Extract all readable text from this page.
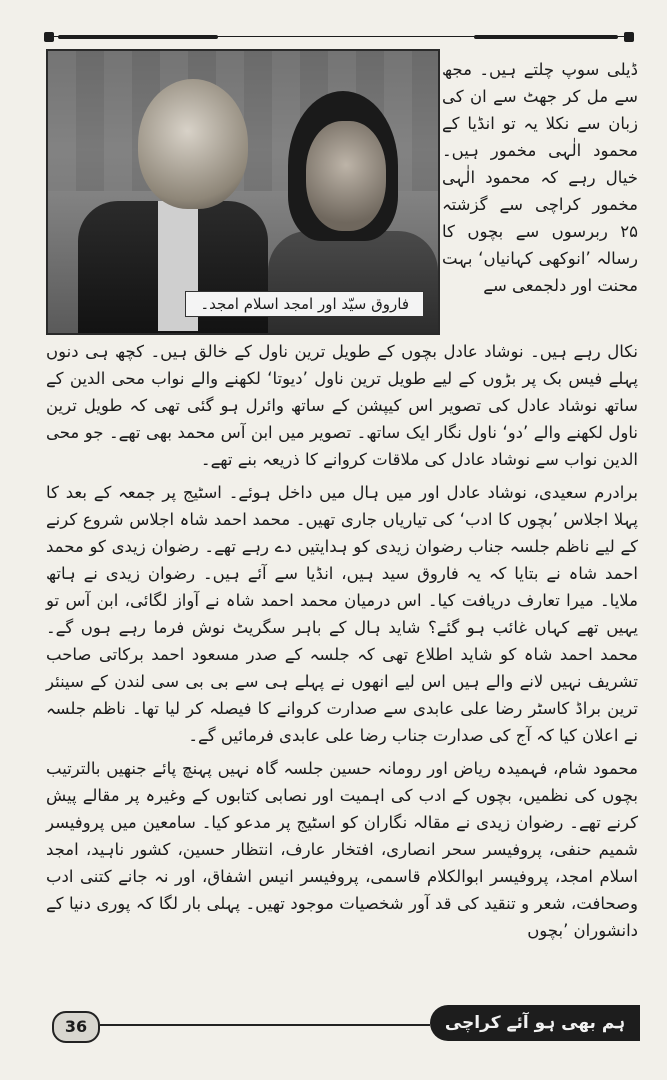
فاروق سیّد اور امجد اسلام امجد۔

ڈیلی سوپ چلتے ہیں۔ مجھ سے مل کر جھٹ سے ان کی زبان سے نکلا یہ تو انڈیا کے محمود الٰہی مخمور ہیں۔ خیال رہے کہ محمود الٰہی مخمور کراچی سے گزشتہ ۲۵ ربرسوں سے بچوں کا رسالہ ’انوکھی کہانیاں‘ بہت محنت اور دلجمعی سے

نکال رہے ہیں۔ نوشاد عادل بچوں کے طویل ترین ناول کے خالق ہیں۔ کچھ ہی دنوں پہلے فیس بک پر بڑوں کے لیے طویل ترین ناول ’دیوتا‘ لکھنے والے نواب محی الدین کے ساتھ نوشاد عادل کی تصویر اس کیپشن کے ساتھ وائرل ہو گئی تھی کہ طویل ترین ناول لکھنے والے ’دو‘ ناول نگار ایک ساتھ۔ تصویر میں ابن آس محمد بھی تھے۔ جو محی الدین نواب سے نوشاد عادل کی ملاقات کروانے کا ذریعہ بنے تھے۔

برادرم سعیدی، نوشاد عادل اور میں ہال میں داخل ہوئے۔ اسٹیج پر جمعہ کے بعد کا پہلا اجلاس ’بچوں کا ادب‘ کی تیاریاں جاری تھیں۔ محمد احمد شاہ اجلاس شروع کرنے کے لیے ناظم جلسہ جناب رضوان زیدی کو ہدایتیں دے رہے تھے۔ رضوان زیدی کو محمد احمد شاہ نے بتایا کہ یہ فاروق سید ہیں، انڈیا سے آئے ہیں۔ رضوان زیدی نے ہاتھ ملایا۔ میرا تعارف دریافت کیا۔ اس درمیان محمد احمد شاہ نے آواز لگائی، ابن آس تو یہیں تھے کہاں غائب ہو گئے؟ شاید ہال کے باہر سگریٹ نوش فرما رہے ہوں گے۔ محمد احمد شاہ کو شاید اطلاع تھی کہ جلسہ کے صدر مسعود احمد برکاتی صاحب تشریف نہیں لانے والے ہیں اس لیے انھوں نے پہلے ہی سے بی بی سی لندن کے سینئر ترین براڈ کاسٹر رضا علی عابدی سے صدارت کروانے کا فیصلہ کر لیا تھا۔ ناظم جلسہ نے اعلان کیا کہ آج کی صدارت جناب رضا علی عابدی فرمائیں گے۔

محمود شام، فہمیدہ ریاض اور رومانہ حسین جلسہ گاہ نہیں پہنچ پائے جنھیں بالترتیب بچوں کی نظمیں، بچوں کے ادب کی اہمیت اور نصابی کتابوں کے وغیرہ پر مقالے پیش کرنے تھے۔ رضوان زیدی نے مقالہ نگاران کو اسٹیج پر مدعو کیا۔ سامعین میں پروفیسر شمیم حنفی، پروفیسر سحر انصاری، افتخار عارف، انتظار حسین، کشور ناہید، امجد اسلام امجد، پروفیسر ابوالکلام قاسمی، پروفیسر انیس اشفاق، اور نہ جانے کتنی ادب وصحافت، شعر و تنقید کی قد آور شخصیات موجود تھیں۔ پہلی بار لگا کہ پوری دنیا کے دانشوران ’بچوں

36	ہم بھی ہو آئے کراچی
